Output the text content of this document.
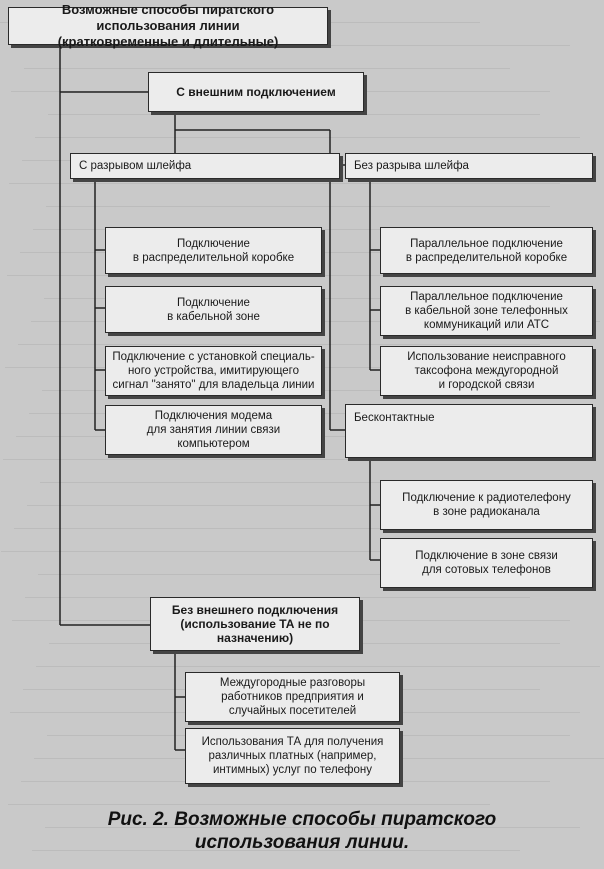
Возможные способы пиратского использования линии
(кратковременные и длительные)
С внешним подключением
С разрывом шлейфа	Без разрыва шлейфа
Подключение
в распределительной коробке
Подключение
в кабельной зоне
Подключение с установкой специаль-
ного устройства, имитирующего
сигнал "занято" для владельца линии
Подключения модема
для занятия линии связи
компьютером
Параллельное подключение
в распределительной коробке
Параллельное подключение
в кабельной зоне телефонных
коммуникаций или АТС
Использование неисправного
таксофона междугородной
и городской связи
Бесконтактные
Подключение к радиотелефону
в зоне радиоканала
Подключение в зоне связи
для сотовых телефонов
Без внешнего подключения
(использование ТА не по
назначению)
Междугородные разговоры
работников предприятия и
случайных посетителей
Использования ТА для получения
различных платных (например,
интимных) услуг по телефону
Рис. 2. Возможные способы пиратского
использования линии.
